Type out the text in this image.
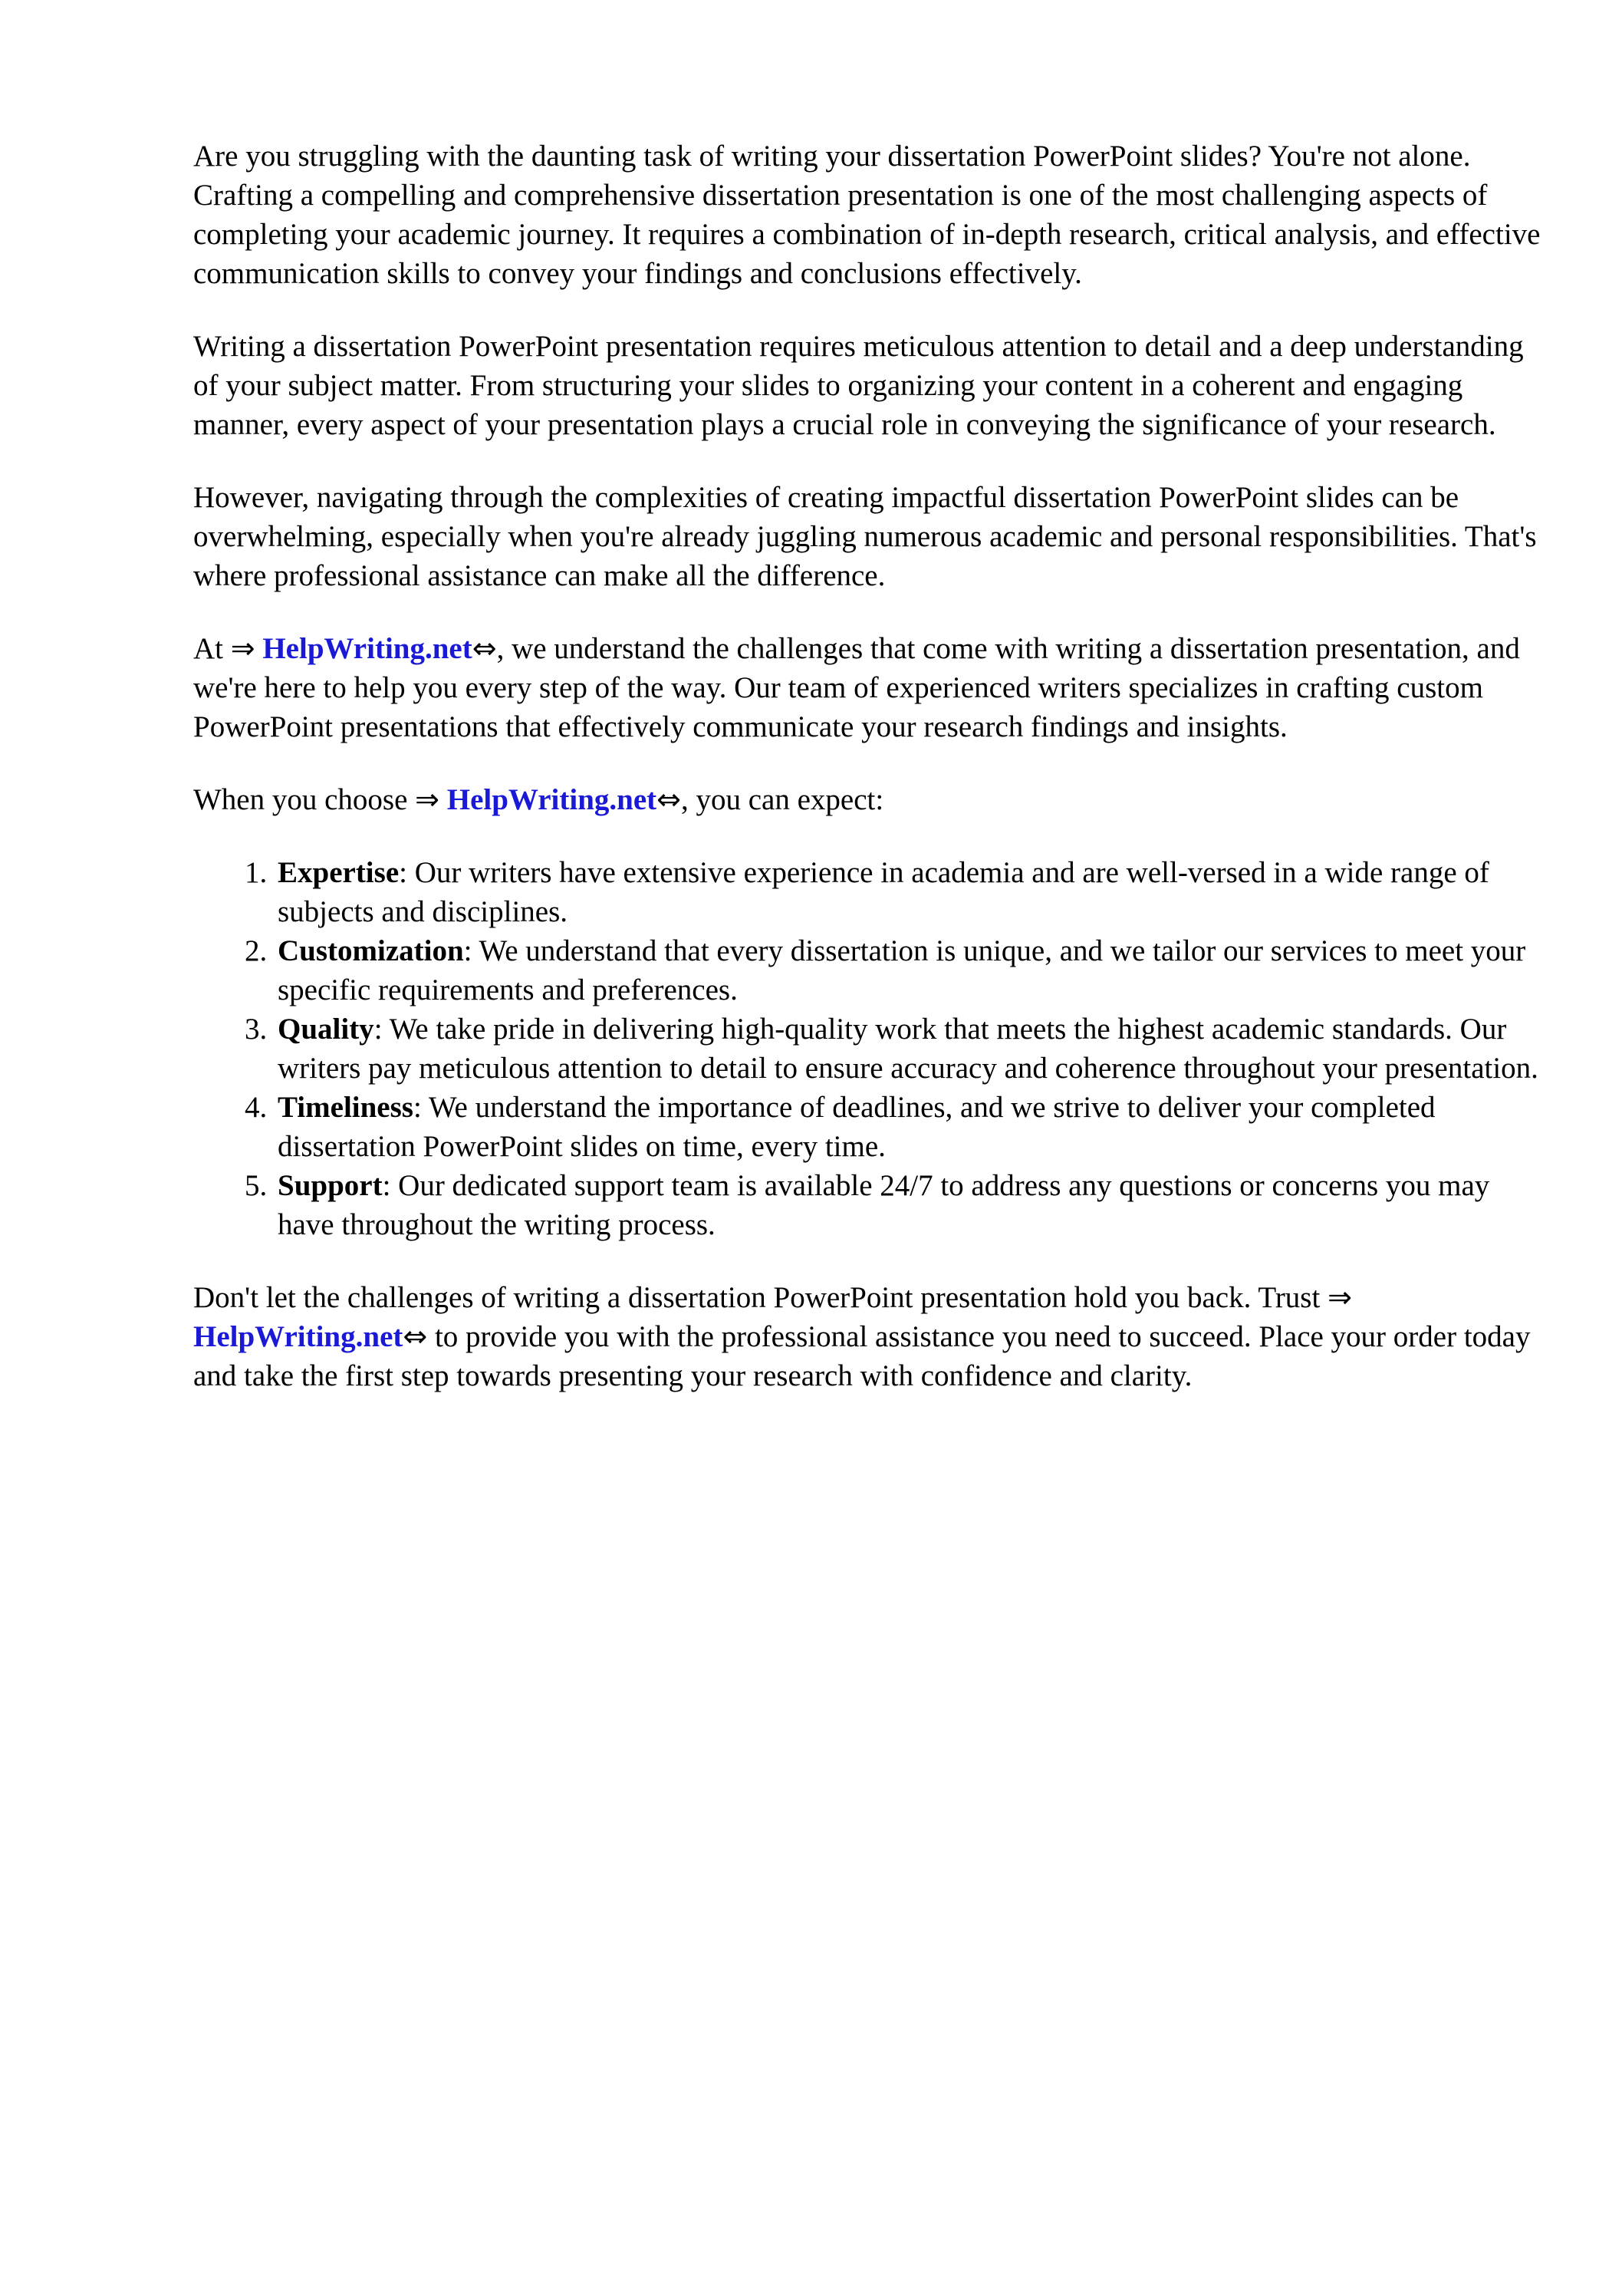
Are you struggling with the daunting task of writing your dissertation PowerPoint slides? You're not alone. Crafting a compelling and comprehensive dissertation presentation is one of the most challenging aspects of completing your academic journey. It requires a combination of in-depth research, critical analysis, and effective communication skills to convey your findings and conclusions effectively.

Writing a dissertation PowerPoint presentation requires meticulous attention to detail and a deep understanding of your subject matter. From structuring your slides to organizing your content in a coherent and engaging manner, every aspect of your presentation plays a crucial role in conveying the significance of your research.

However, navigating through the complexities of creating impactful dissertation PowerPoint slides can be overwhelming, especially when you're already juggling numerous academic and personal responsibilities. That's where professional assistance can make all the difference.

At ⇒ HelpWriting.net⇔, we understand the challenges that come with writing a dissertation presentation, and we're here to help you every step of the way. Our team of experienced writers specializes in crafting custom PowerPoint presentations that effectively communicate your research findings and insights.

When you choose ⇒ HelpWriting.net⇔, you can expect:

1. Expertise: Our writers have extensive experience in academia and are well-versed in a wide range of subjects and disciplines.
2. Customization: We understand that every dissertation is unique, and we tailor our services to meet your specific requirements and preferences.
3. Quality: We take pride in delivering high-quality work that meets the highest academic standards. Our writers pay meticulous attention to detail to ensure accuracy and coherence throughout your presentation.
4. Timeliness: We understand the importance of deadlines, and we strive to deliver your completed dissertation PowerPoint slides on time, every time.
5. Support: Our dedicated support team is available 24/7 to address any questions or concerns you may have throughout the writing process.

Don't let the challenges of writing a dissertation PowerPoint presentation hold you back. Trust ⇒ HelpWriting.net⇔ to provide you with the professional assistance you need to succeed. Place your order today and take the first step towards presenting your research with confidence and clarity.
